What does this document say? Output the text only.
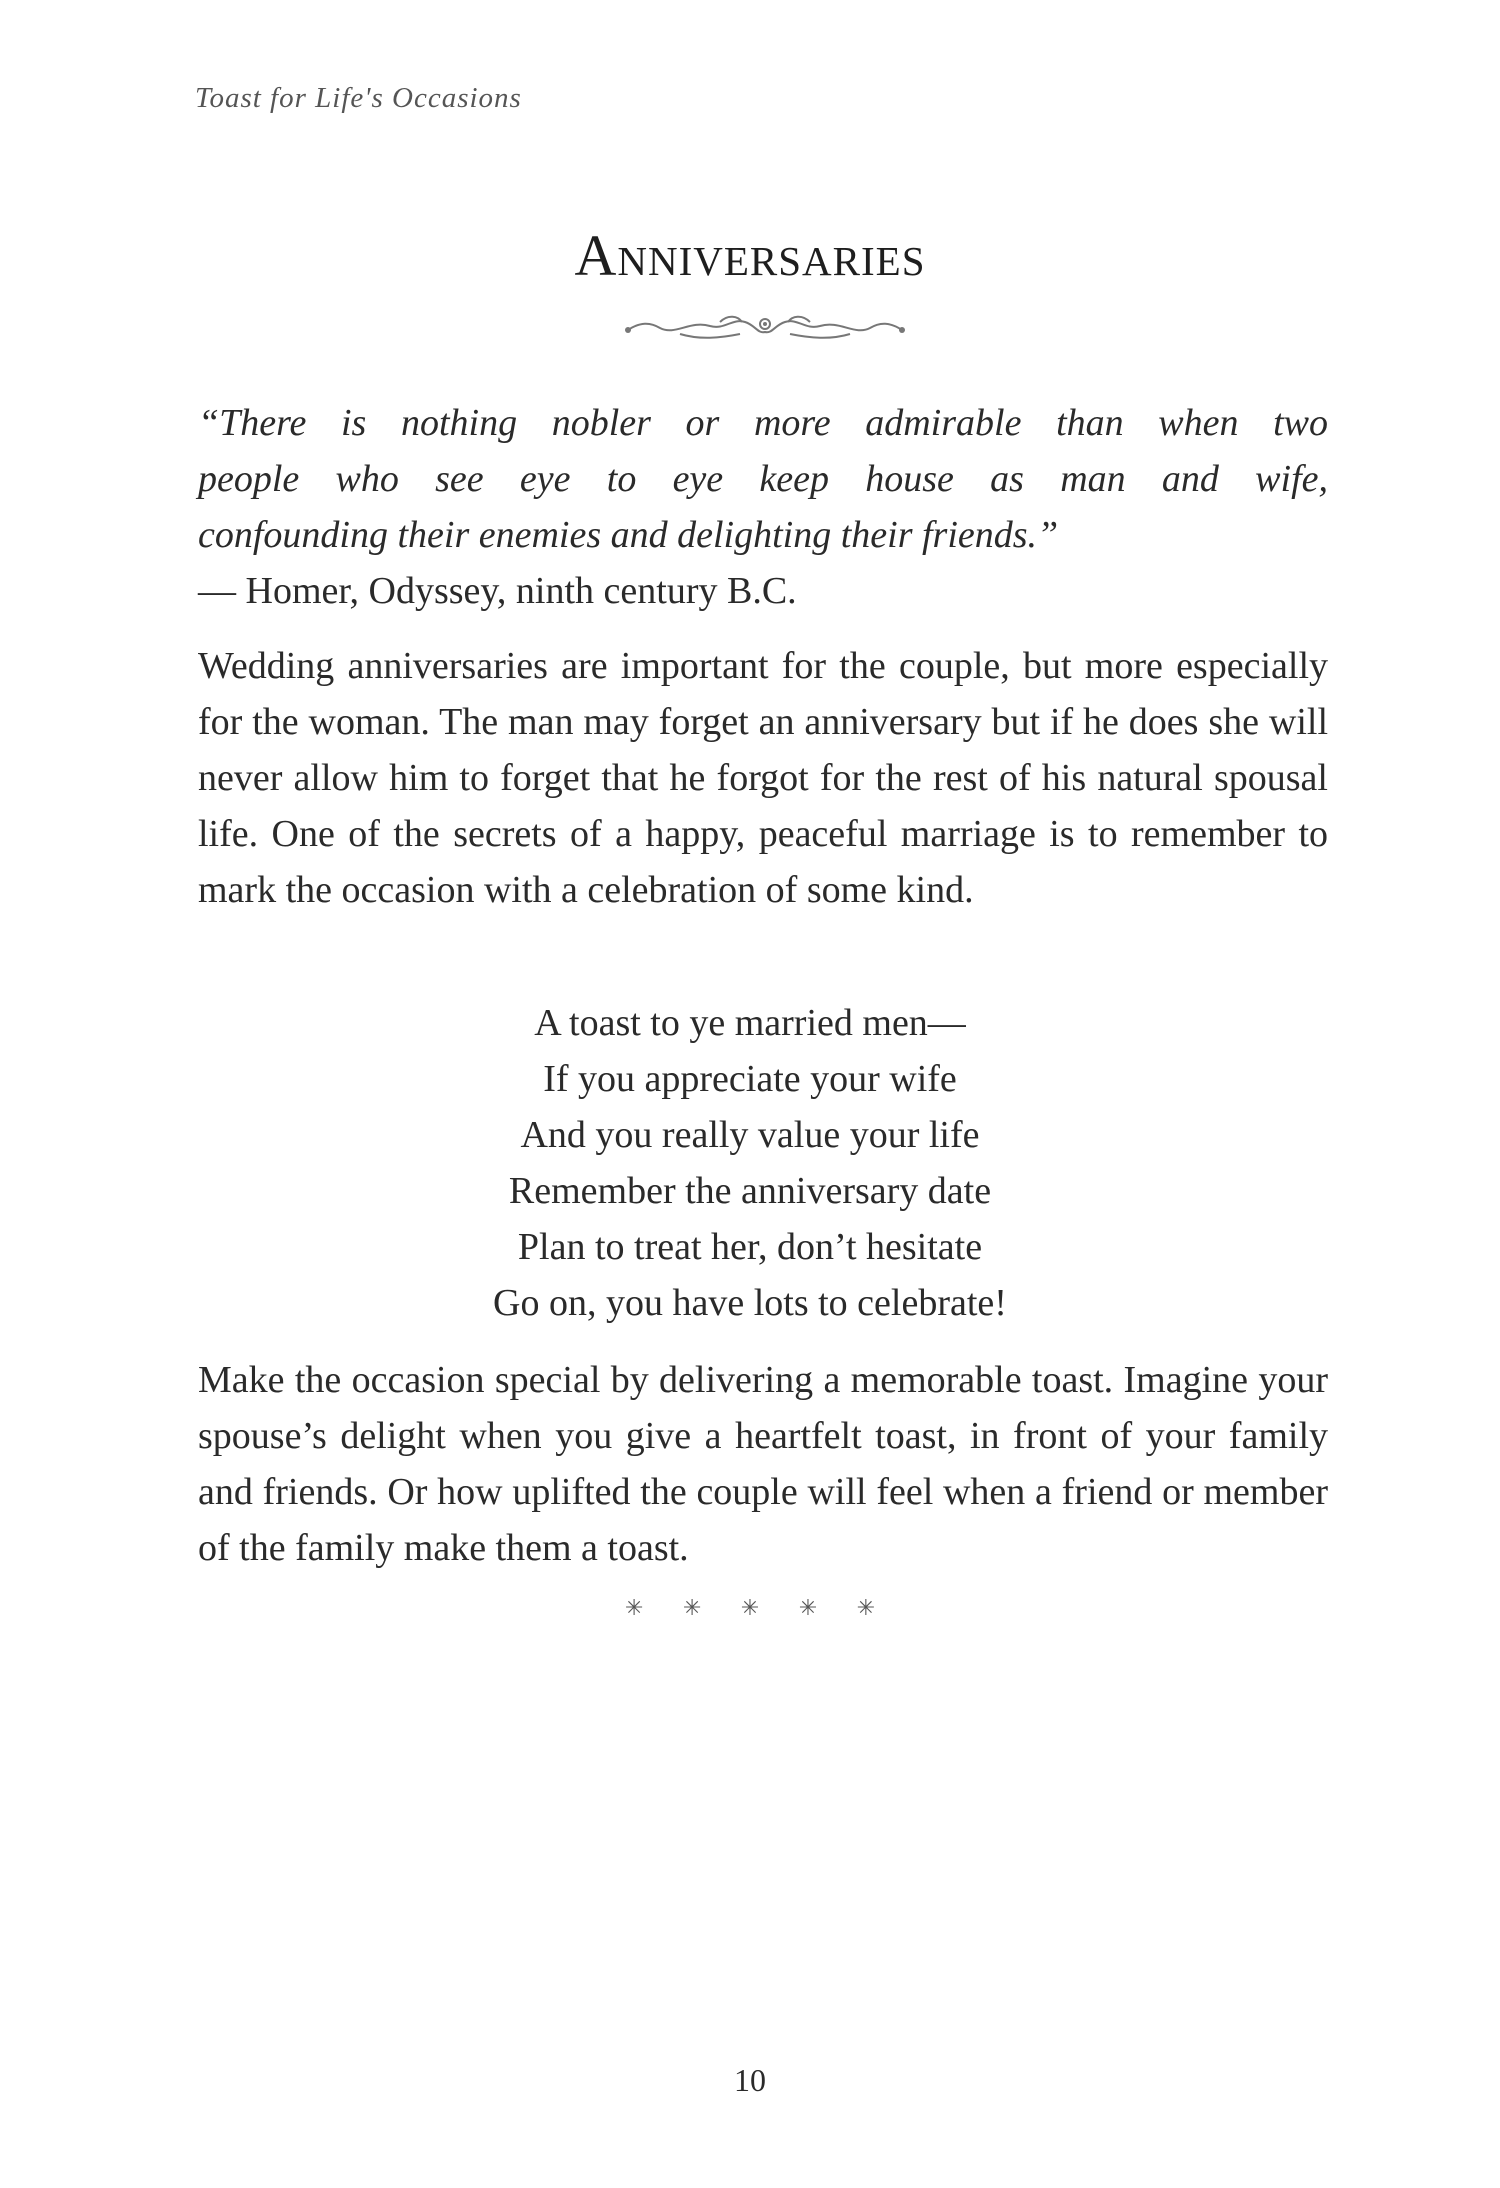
Toast for Life's Occasions
Anniversaries
“There is nothing nobler or more admirable than when two
people who see eye to eye keep house as man and wife,
confounding their enemies and delighting their friends.”
— Homer, Odyssey, ninth century B.C.
Wedding anniversaries are important for the couple, but more especially for the woman. The man may forget an anniversary but if he does she will never allow him to forget that he forgot for the rest of his natural spousal life. One of the secrets of a happy, peaceful marriage is to remember to mark the occasion with a celebration of some kind.
A toast to ye married men—
If you appreciate your wife
And you really value your life
Remember the anniversary date
Plan to treat her, don’t hesitate
Go on, you have lots to celebrate!
Make the occasion special by delivering a memorable toast. Imagine your spouse’s delight when you give a heartfelt toast, in front of your family and friends. Or how uplifted the couple will feel when a friend or member of the family make them a toast.
✳ ✳ ✳ ✳ ✳
10
